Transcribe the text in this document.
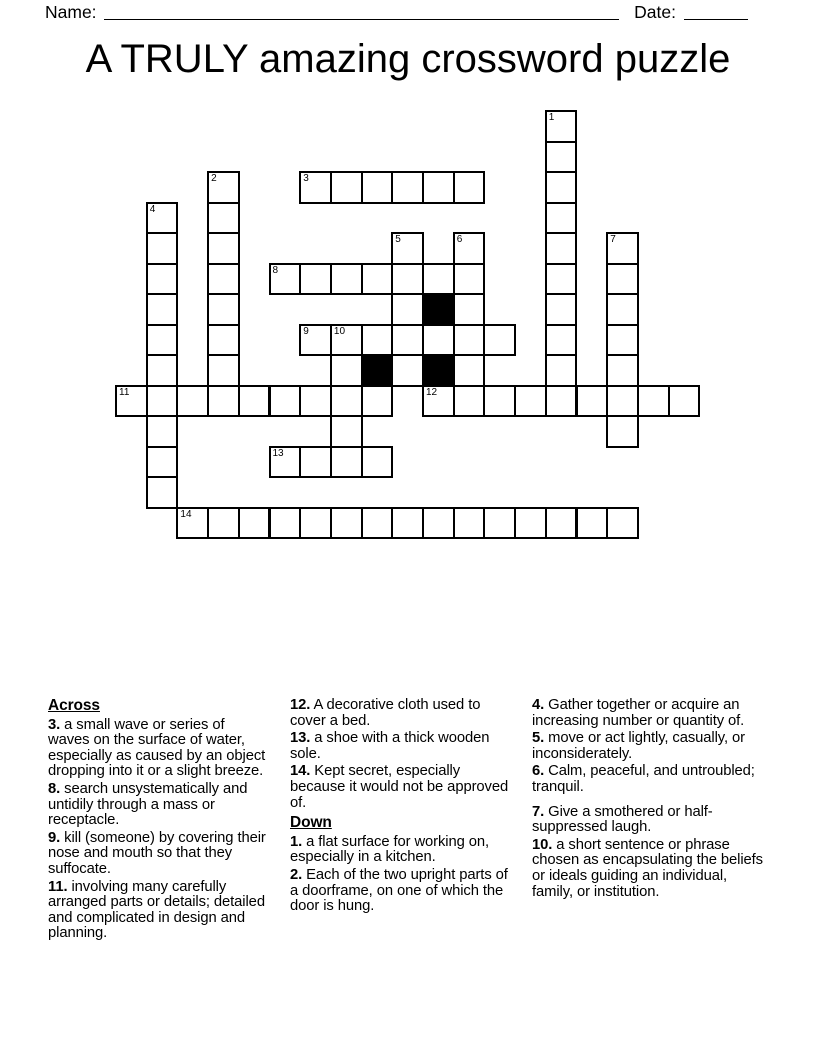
Name:	Date:
A TRULY amazing crossword puzzle
1
2	3
4
5	6	7
8
9	10
11	12
13
14
Across

3. a small wave or series of waves on the surface of water, especially as caused by an object dropping into it or a slight breeze.

8. search unsystematically and untidily through a mass or receptacle.

9. kill (someone) by covering their nose and mouth so that they suffocate.

11. involving many carefully arranged parts or details; detailed and complicated in design and planning.

12. A decorative cloth used to cover a bed.

13. a shoe with a thick wooden sole.

14. Kept secret, especially because it would not be approved of.

Down

1. a flat surface for working on, especially in a kitchen.

2. Each of the two upright parts of a doorframe, on one of which the door is hung.

4. Gather together or acquire an increasing number or quantity of.

5. move or act lightly, casually, or inconsiderately.

6. Calm, peaceful, and untroubled; tranquil.

7. Give a smothered or half-suppressed laugh.

10. a short sentence or phrase chosen as encapsulating the beliefs or ideals guiding an individual, family, or institution.
